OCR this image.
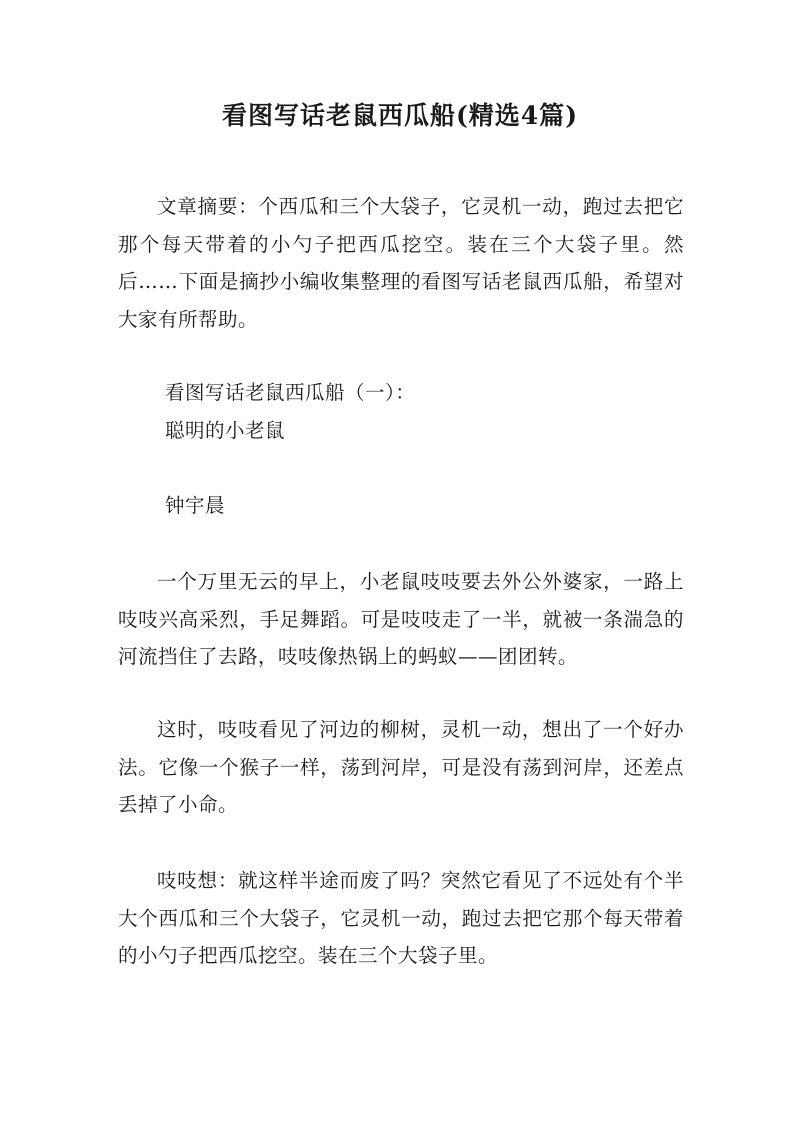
看图写话老鼠西瓜船(精选4篇)
文章摘要：个西瓜和三个大袋子，它灵机一动，跑过去把它那个每天带着的小勺子把西瓜挖空。装在三个大袋子里。然后……下面是摘抄小编收集整理的看图写话老鼠西瓜船，希望对大家有所帮助。
看图写话老鼠西瓜船（一）：
聪明的小老鼠
钟宇晨
一个万里无云的早上，小老鼠吱吱要去外公外婆家，一路上吱吱兴高采烈，手足舞蹈。可是吱吱走了一半，就被一条湍急的河流挡住了去路，吱吱像热锅上的蚂蚁——团团转。
这时，吱吱看见了河边的柳树，灵机一动，想出了一个好办法。它像一个猴子一样，荡到河岸，可是没有荡到河岸，还差点丢掉了小命。
吱吱想：就这样半途而废了吗？突然它看见了不远处有个半大个西瓜和三个大袋子，它灵机一动，跑过去把它那个每天带着的小勺子把西瓜挖空。装在三个大袋子里。
